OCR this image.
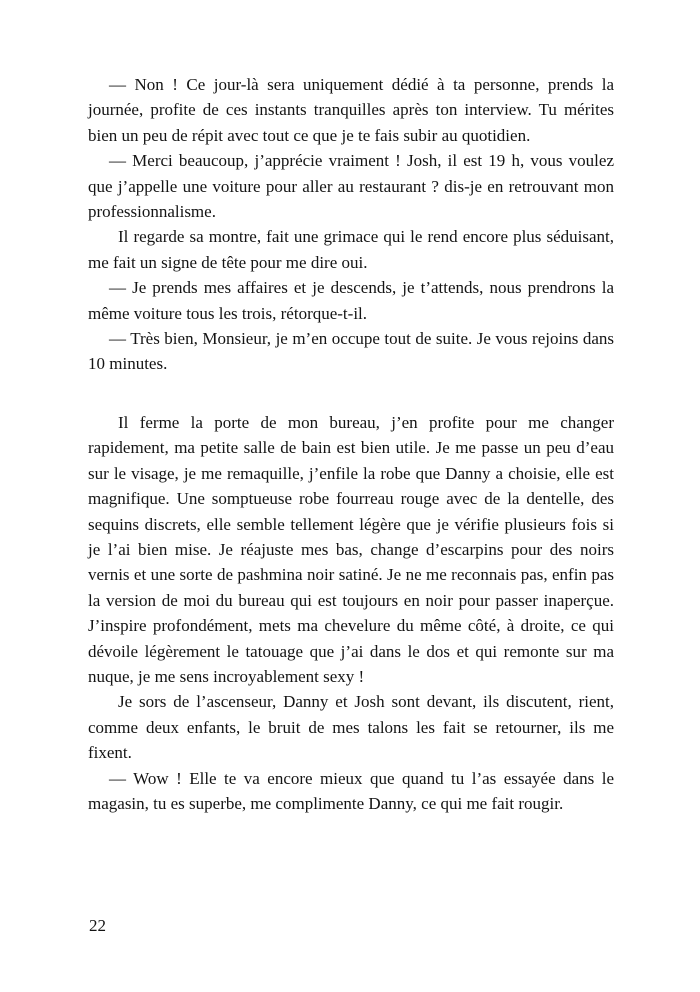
— Non ! Ce jour-là sera uniquement dédié à ta personne, prends la journée, profite de ces instants tranquilles après ton interview. Tu mérites bien un peu de répit avec tout ce que je te fais subir au quotidien.

— Merci beaucoup, j’apprécie vraiment ! Josh, il est 19 h, vous voulez que j’appelle une voiture pour aller au restaurant ? dis-je en retrouvant mon professionnalisme.

Il regarde sa montre, fait une grimace qui le rend encore plus séduisant, me fait un signe de tête pour me dire oui.

— Je prends mes affaires et je descends, je t’attends, nous prendrons la même voiture tous les trois, rétorque-t-il.

— Très bien, Monsieur, je m’en occupe tout de suite. Je vous rejoins dans 10 minutes.

Il ferme la porte de mon bureau, j’en profite pour me changer rapidement, ma petite salle de bain est bien utile. Je me passe un peu d’eau sur le visage, je me remaquille, j’enfile la robe que Danny a choisie, elle est magnifique. Une somptueuse robe fourreau rouge avec de la dentelle, des sequins discrets, elle semble tellement légère que je vérifie plusieurs fois si je l’ai bien mise. Je réajuste mes bas, change d’escarpins pour des noirs vernis et une sorte de pashmina noir satiné. Je ne me reconnais pas, enfin pas la version de moi du bureau qui est toujours en noir pour passer inaperçue. J’inspire profondément, mets ma chevelure du même côté, à droite, ce qui dévoile légèrement le tatouage que j’ai dans le dos et qui remonte sur ma nuque, je me sens incroyablement sexy !

Je sors de l’ascenseur, Danny et Josh sont devant, ils discutent, rient, comme deux enfants, le bruit de mes talons les fait se retourner, ils me fixent.

— Wow ! Elle te va encore mieux que quand tu l’as essayée dans le magasin, tu es superbe, me complimente Danny, ce qui me fait rougir.

22
